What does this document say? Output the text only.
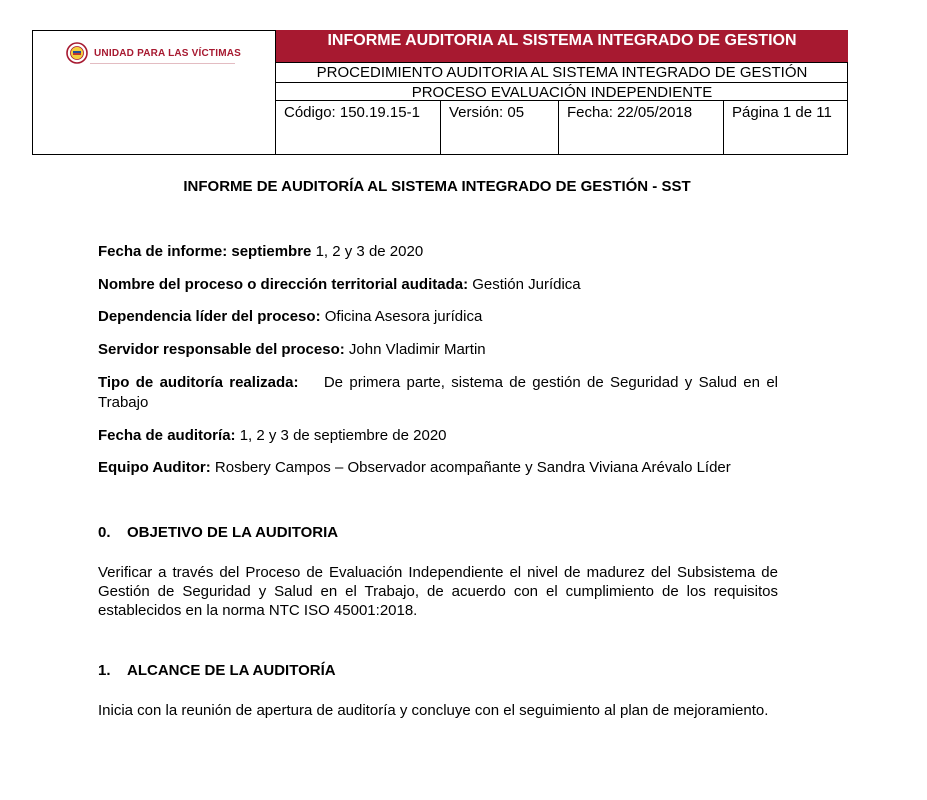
UNIDAD PARA LAS VÍCTIMAS
INFORME AUDITORIA AL SISTEMA INTEGRADO DE GESTION
PROCEDIMIENTO AUDITORIA AL SISTEMA INTEGRADO DE GESTIÓN
PROCESO EVALUACIÓN INDEPENDIENTE
Código: 150.19.15-1	Versión: 05	Fecha: 22/05/2018	Página 1 de 11
INFORME DE AUDITORÍA AL SISTEMA INTEGRADO DE GESTIÓN - SST
Fecha de informe: septiembre 1, 2 y 3 de 2020
Nombre del proceso o dirección territorial auditada: Gestión Jurídica
Dependencia líder del proceso: Oficina Asesora jurídica
Servidor responsable del proceso: John Vladimir Martin
Tipo de auditoría realizada: De primera parte, sistema de gestión de Seguridad y Salud en el Trabajo
Fecha de auditoría: 1, 2 y 3 de septiembre de 2020
Equipo Auditor: Rosbery Campos – Observador acompañante y Sandra Viviana Arévalo Líder
0. OBJETIVO DE LA AUDITORIA
Verificar a través del Proceso de Evaluación Independiente el nivel de madurez del Subsistema de Gestión de Seguridad y Salud en el Trabajo, de acuerdo con el cumplimiento de los requisitos establecidos en la norma NTC ISO 45001:2018.
1. ALCANCE DE LA AUDITORÍA
Inicia con la reunión de apertura de auditoría y concluye con el seguimiento al plan de mejoramiento.
